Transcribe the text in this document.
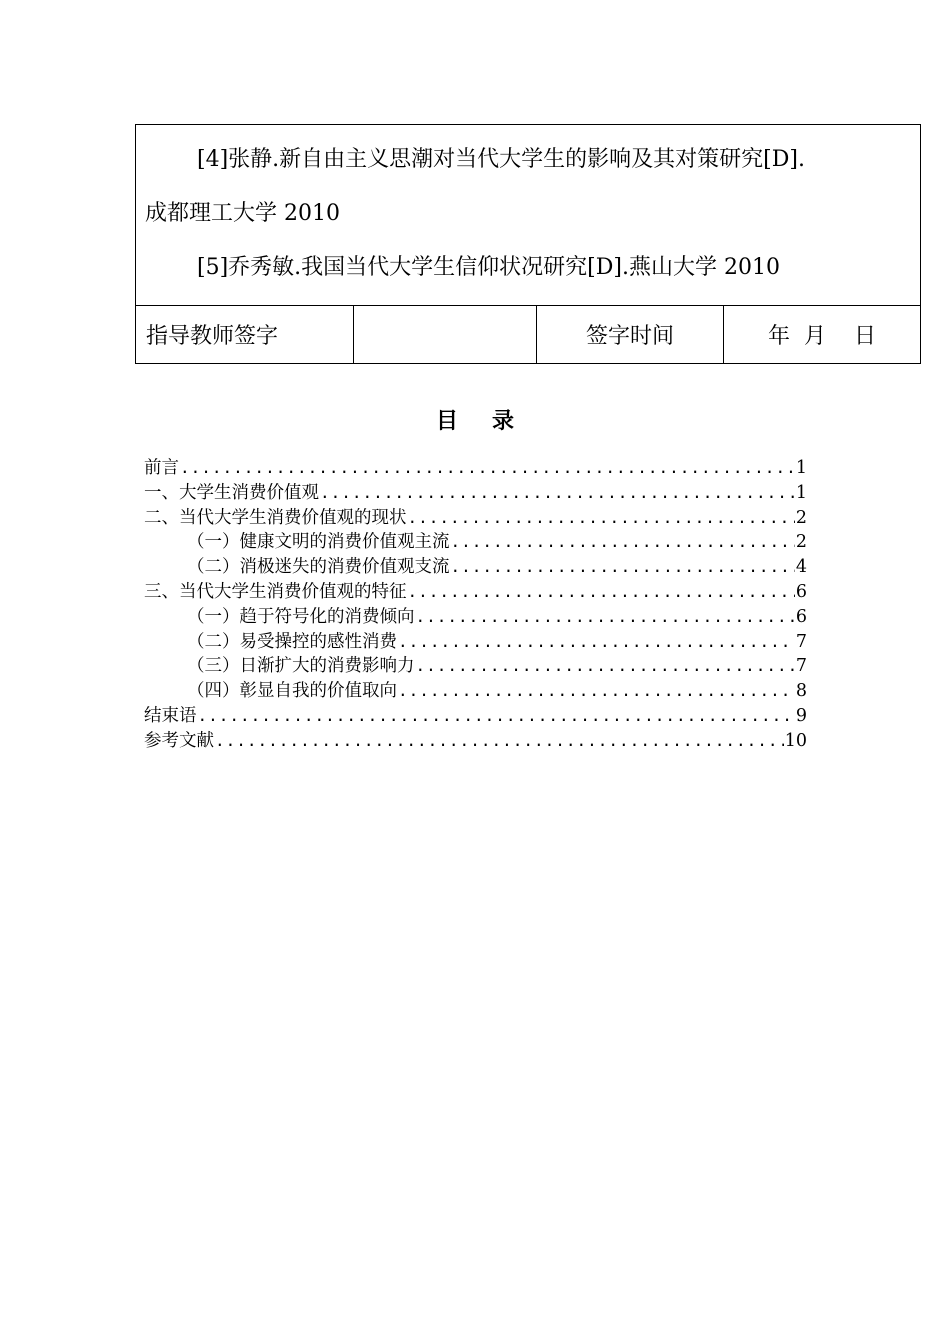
[4]张静.新自由主义思潮对当代大学生的影响及其对策研究[D].
成都理工大学 2010
[5]乔秀敏.我国当代大学生信仰状况研究[D].燕山大学 2010

指导教师签字		签字时间	年  月    日
目录
前言 .....	1
一、大学生消费价值观 .....	1
二、当代大学生消费价值观的现状 .....	2
（一）健康文明的消费价值观主流 .....	2
（二）消极迷失的消费价值观支流 .....	4
三、当代大学生消费价值观的特征 .....	6
（一）趋于符号化的消费倾向 .....	6
（二）易受操控的感性消费 .....	7
（三）日渐扩大的消费影响力 .....	7
（四）彰显自我的价值取向 .....	8
结束语 .....	9
参考文献 .....	10
